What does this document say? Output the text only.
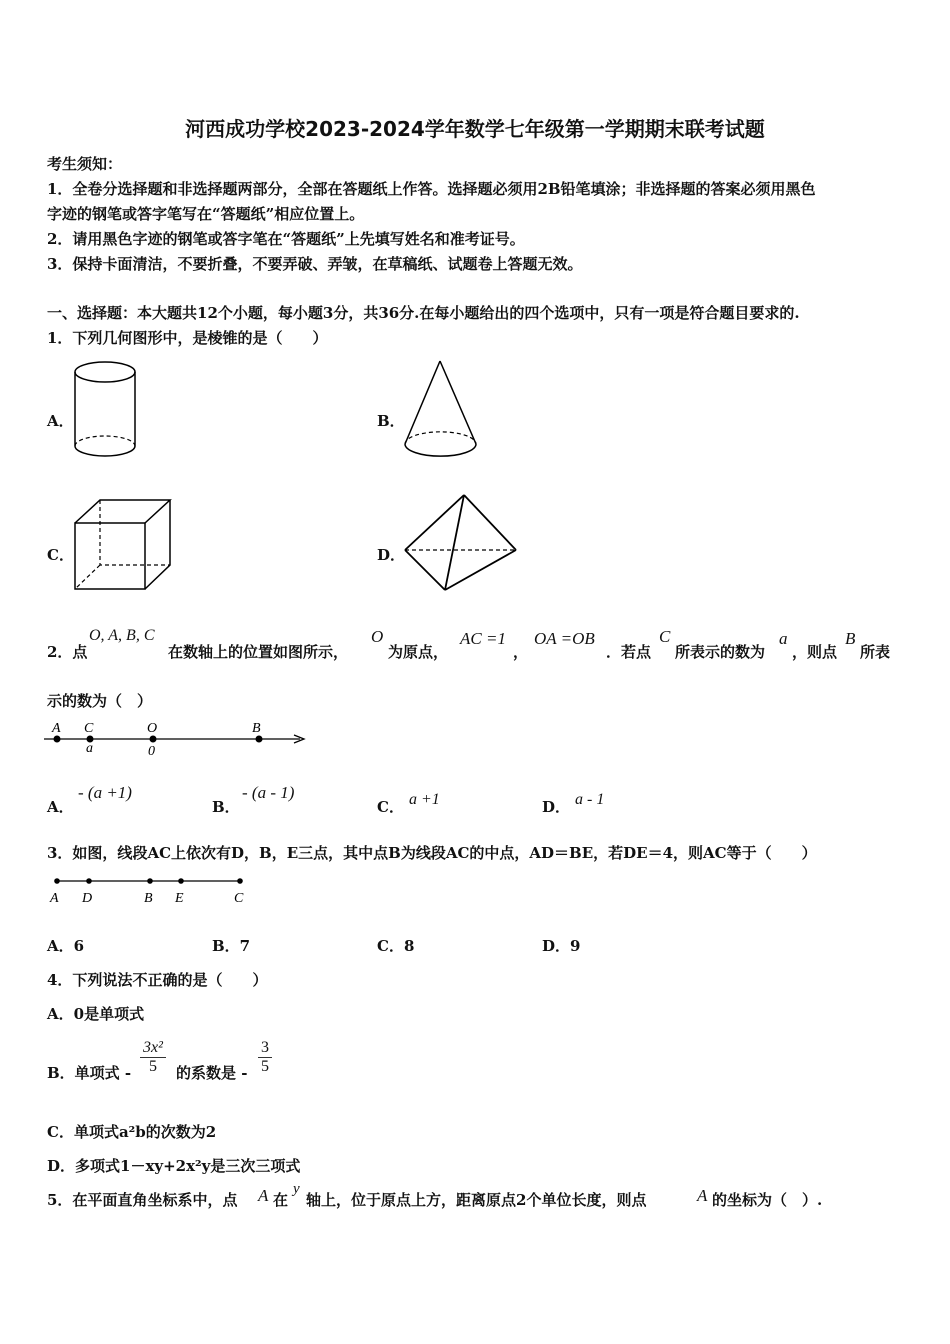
河西成功学校2023-2024学年数学七年级第一学期期末联考试题
考生须知：
1．全卷分选择题和非选择题两部分，全部在答题纸上作答。选择题必须用2B铅笔填涂；非选择题的答案必须用黑色
字迹的钢笔或答字笔写在“答题纸”相应位置上。
2．请用黑色字迹的钢笔或答字笔在“答题纸”上先填写姓名和准考证号。
3．保持卡面清洁，不要折叠，不要弄破、弄皱，在草稿纸、试题卷上答题无效。
一、选择题：本大题共12个小题，每小题3分，共36分.在每小题给出的四个选项中，只有一项是符合题目要求的.
1．下列几何图形中，是棱锥的是（　　）
A．	B．
C．	D．
2．点
O, A, B, C
在数轴上的位置如图所示，
O
为原点，
AC =1
，
OA =OB
．若点
C
所表示的数为
a
，则点
B
所表
示的数为（　）
A C	O	B
a	0
A．
- (a +1)
B．
- (a - 1)
C． a +1	D． a - 1
3．如图，线段AC上依次有D，B，E三点，其中点B为线段AC的中点，AD＝BE，若DE＝4，则AC等于（　　）
A D	B E	C
A．6	B．7	C．8	D．9
4．下列说法不正确的是（　　）
A．0是单项式
B．单项式 - $\frac{\text{3x²}}{5}$ 的系数是 - $\frac{3}{5}$
C．单项式a²b的次数为2
D．多项式1－xy+2x²y是三次三项式
5．在平面直角坐标系中，点 A 在
y
轴上，位于原点上方，距离原点2个单位长度，则点	A 的坐标为（　）.
